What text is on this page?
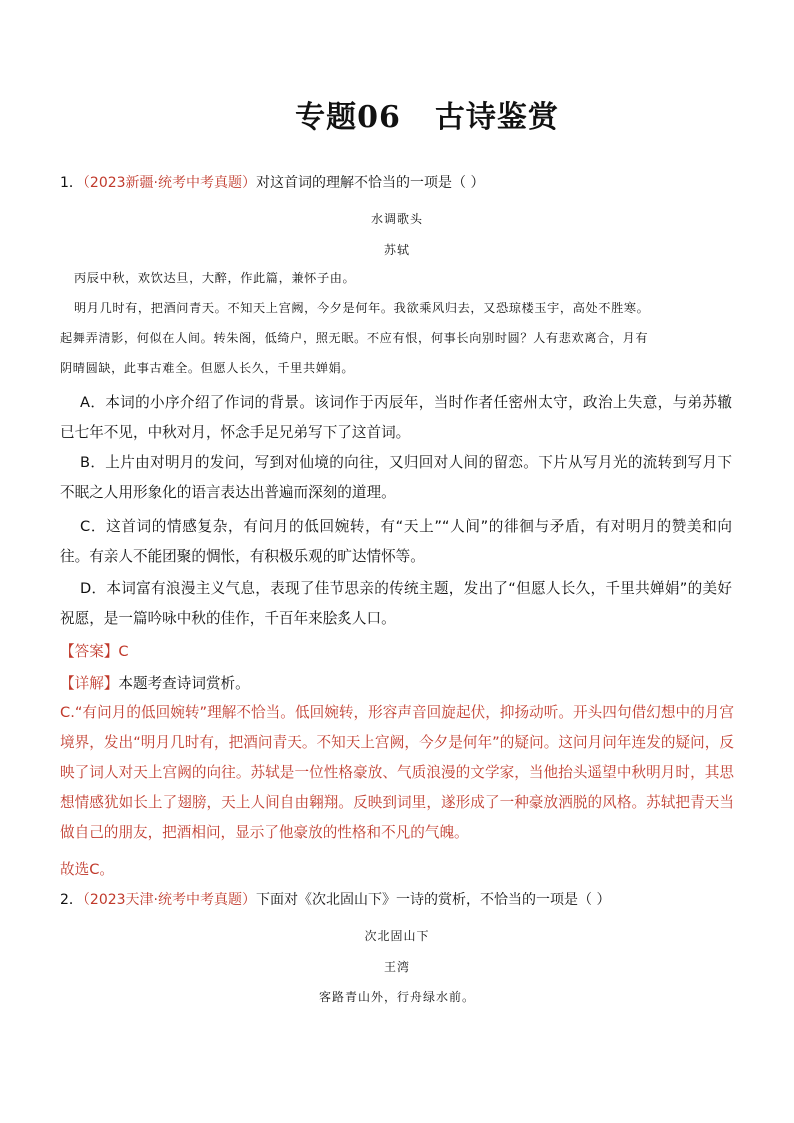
专题06 古诗鉴赏
1．（2023新疆·统考中考真题）对这首词的理解不恰当的一项是（ ）
水调歌头
苏轼

丙辰中秋，欢饮达旦，大醉，作此篇，兼怀子由。

明月几时有，把酒问青天。不知天上宫阙，今夕是何年。我欲乘风归去，又恐琼楼玉宇，高处不胜寒。

起舞弄清影，何似在人间。转朱阁，低绮户，照无眠。不应有恨，何事长向别时圆？人有悲欢离合，月有

阴晴圆缺，此事古难全。但愿人长久，千里共婵娟。

A．本词的小序介绍了作词的背景。该词作于丙辰年，当时作者任密州太守，政治上失意，与弟苏辙已七年不见，中秋对月，怀念手足兄弟写下了这首词。
B．上片由对明月的发问，写到对仙境的向往，又归回对人间的留恋。下片从写月光的流转到写月下不眠之人用形象化的语言表达出普遍而深刻的道理。
C．这首词的情感复杂，有问月的低回婉转，有“天上”“人间”的徘徊与矛盾，有对明月的赞美和向往。有亲人不能团聚的惆怅，有积极乐观的旷达情怀等。
D．本词富有浪漫主义气息，表现了佳节思亲的传统主题，发出了“但愿人长久，千里共婵娟”的美好祝愿，是一篇吟咏中秋的佳作，千百年来脍炙人口。
【答案】C
【详解】本题考查诗词赏析。
C.“有问月的低回婉转”理解不恰当。低回婉转，形容声音回旋起伏，抑扬动听。开头四句借幻想中的月宫境界，发出“明月几时有，把酒问青天。不知天上宫阙，今夕是何年”的疑问。这问月问年连发的疑问，反映了词人对天上宫阙的向往。苏轼是一位性格豪放、气质浪漫的文学家，当他抬头遥望中秋明月时，其思想情感犹如长上了翅膀，天上人间自由翱翔。反映到词里，遂形成了一种豪放洒脱的风格。苏轼把青天当做自己的朋友，把酒相问，显示了他豪放的性格和不凡的气魄。
故选C。
2．（2023天津·统考中考真题）下面对《次北固山下》一诗的赏析，不恰当的一项是（ ）
次北固山下
王湾
客路青山外，行舟绿水前。
